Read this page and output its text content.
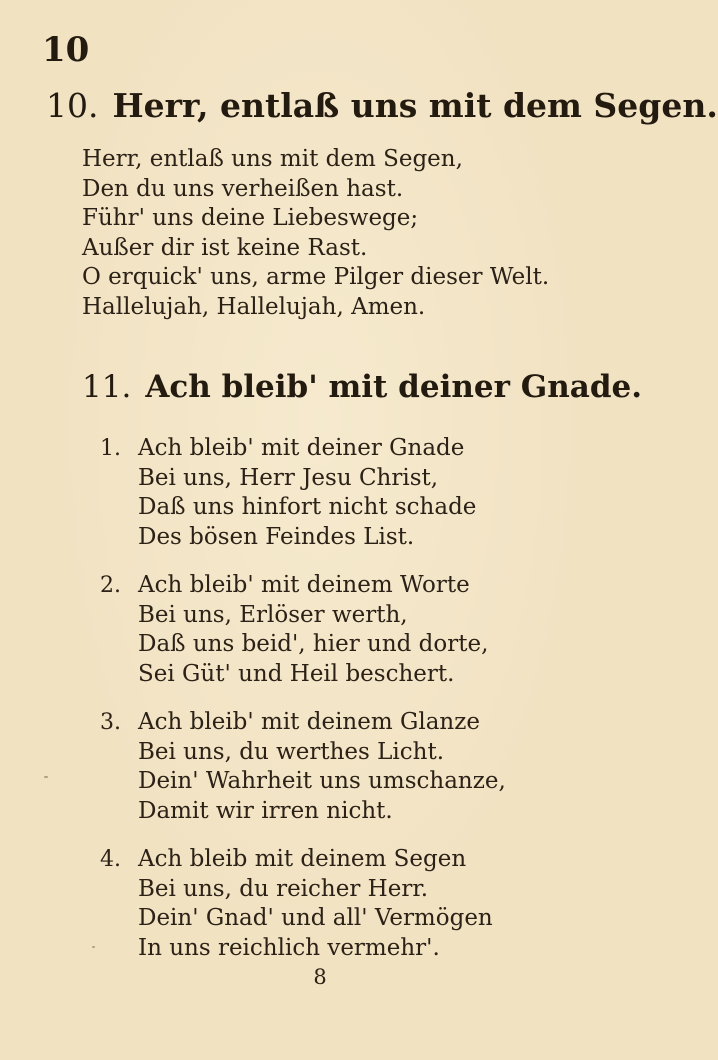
10
10. Herr, entlaß uns mit dem Segen.
Herr, entlaß uns mit dem Segen,
Den du uns verheißen hast.
Führ' uns deine Liebeswege;
Außer dir ist keine Rast.
O erquick' uns, arme Pilger dieser Welt.
Hallelujah, Hallelujah, Amen.
11. Ach bleib' mit deiner Gnade.
1. Ach bleib' mit deiner Gnade
Bei uns, Herr Jesu Christ,
Daß uns hinfort nicht schade
Des bösen Feindes List.
2. Ach bleib' mit deinem Worte
Bei uns, Erlöser werth,
Daß uns beid', hier und dorte,
Sei Güt' und Heil beschert.
3. Ach bleib' mit deinem Glanze
Bei uns, du werthes Licht.
Dein' Wahrheit uns umschanze,
Damit wir irren nicht.
4. Ach bleib mit deinem Segen
Bei uns, du reicher Herr.
Dein' Gnad' und all' Vermögen
In uns reichlich vermehr'.
8
